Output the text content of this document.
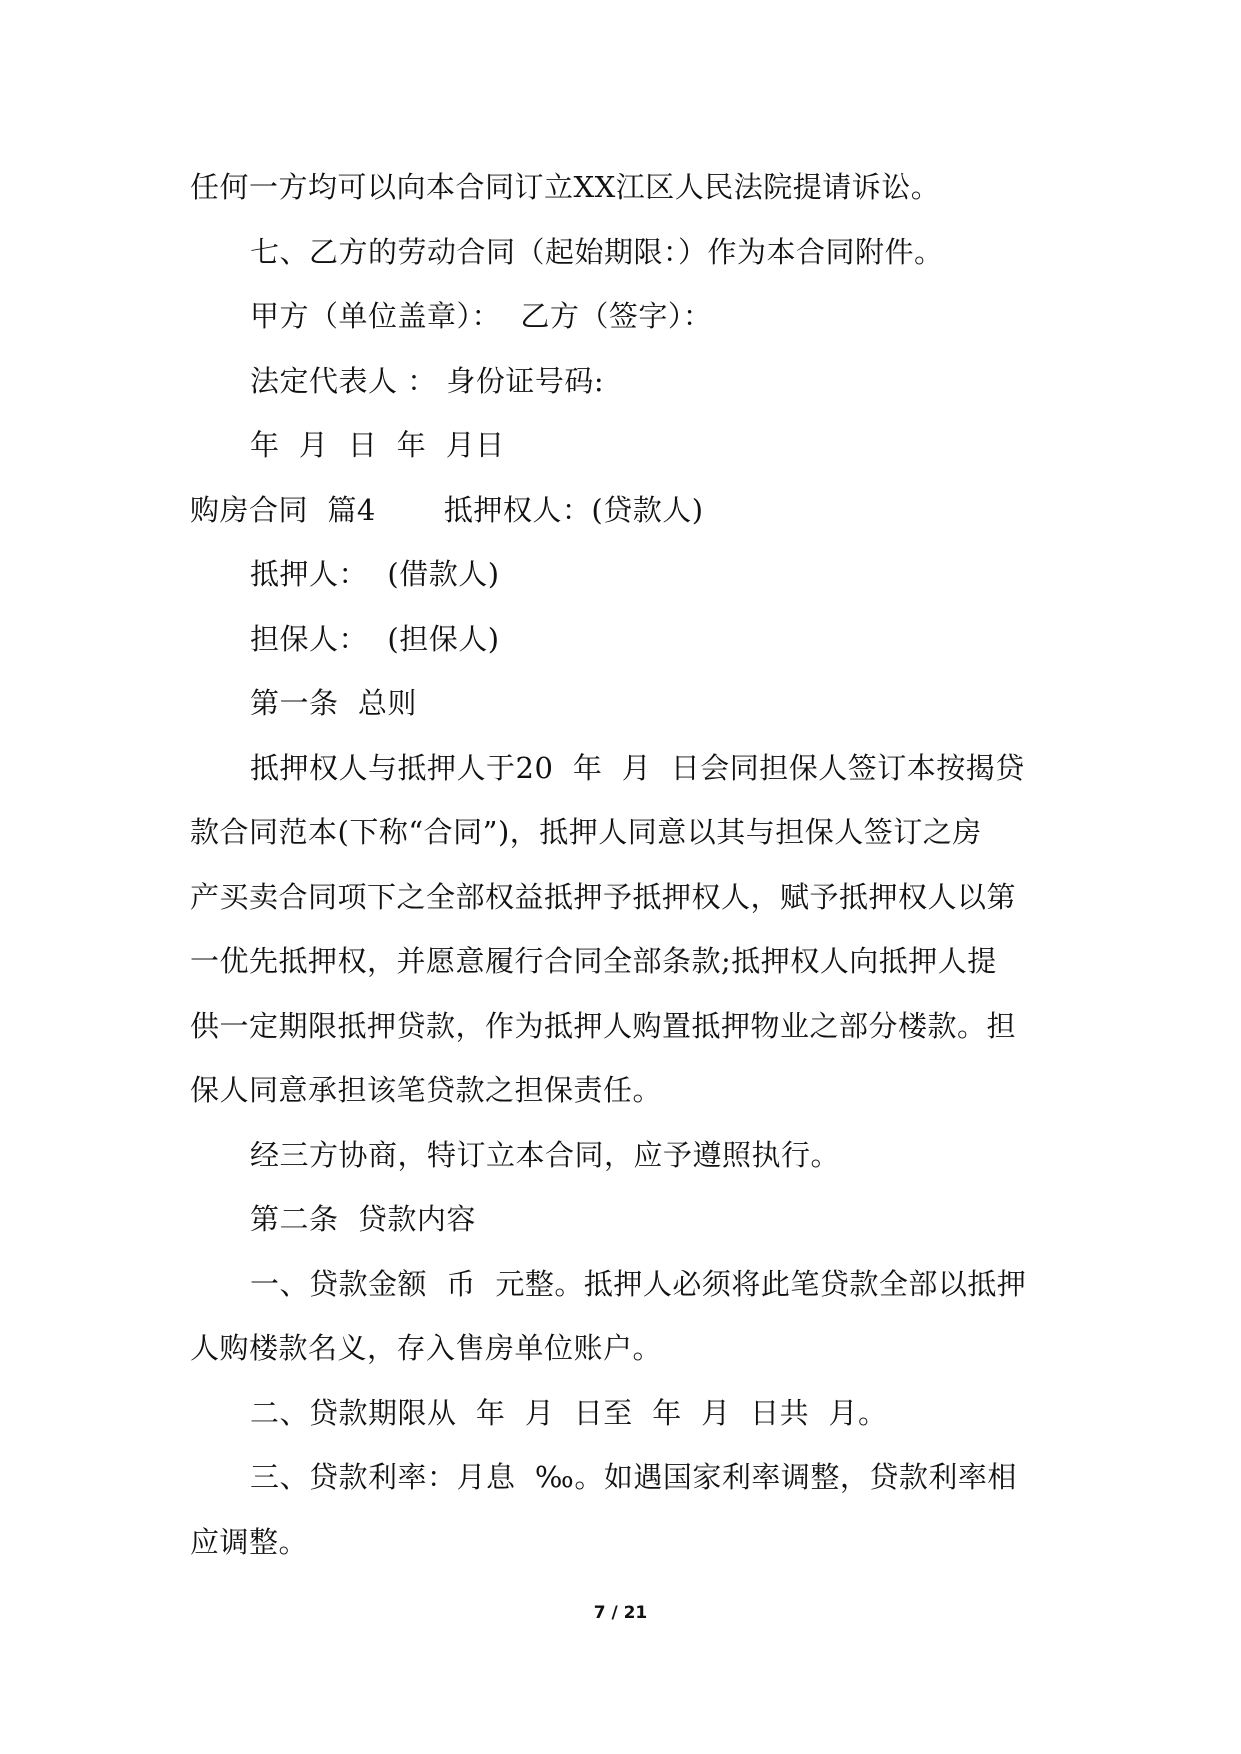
任何一方均可以向本合同订立XX江区人民法院提请诉讼。
七、乙方的劳动合同（起始期限：）作为本合同附件。
甲方（单位盖章）：  乙方（签字）：
法定代表人 ： 身份证号码:
年  月  日  年  月日
购房合同  篇4       抵押权人：(贷款人)
抵押人：  (借款人)
担保人：  (担保人)
第一条  总则
抵押权人与抵押人于20  年  月  日会同担保人签订本按揭贷
款合同范本(下称“合同”)，抵押人同意以其与担保人签订之房
产买卖合同项下之全部权益抵押予抵押权人，赋予抵押权人以第
一优先抵押权，并愿意履行合同全部条款;抵押权人向抵押人提
供一定期限抵押贷款，作为抵押人购置抵押物业之部分楼款。担
保人同意承担该笔贷款之担保责任。
经三方协商，特订立本合同，应予遵照执行。
第二条  贷款内容
一、贷款金额  币  元整。抵押人必须将此笔贷款全部以抵押
人购楼款名义，存入售房单位账户。
二、贷款期限从  年  月  日至  年  月  日共  月。
三、贷款利率：月息  ‰。如遇国家利率调整，贷款利率相
应调整。
7 / 21
